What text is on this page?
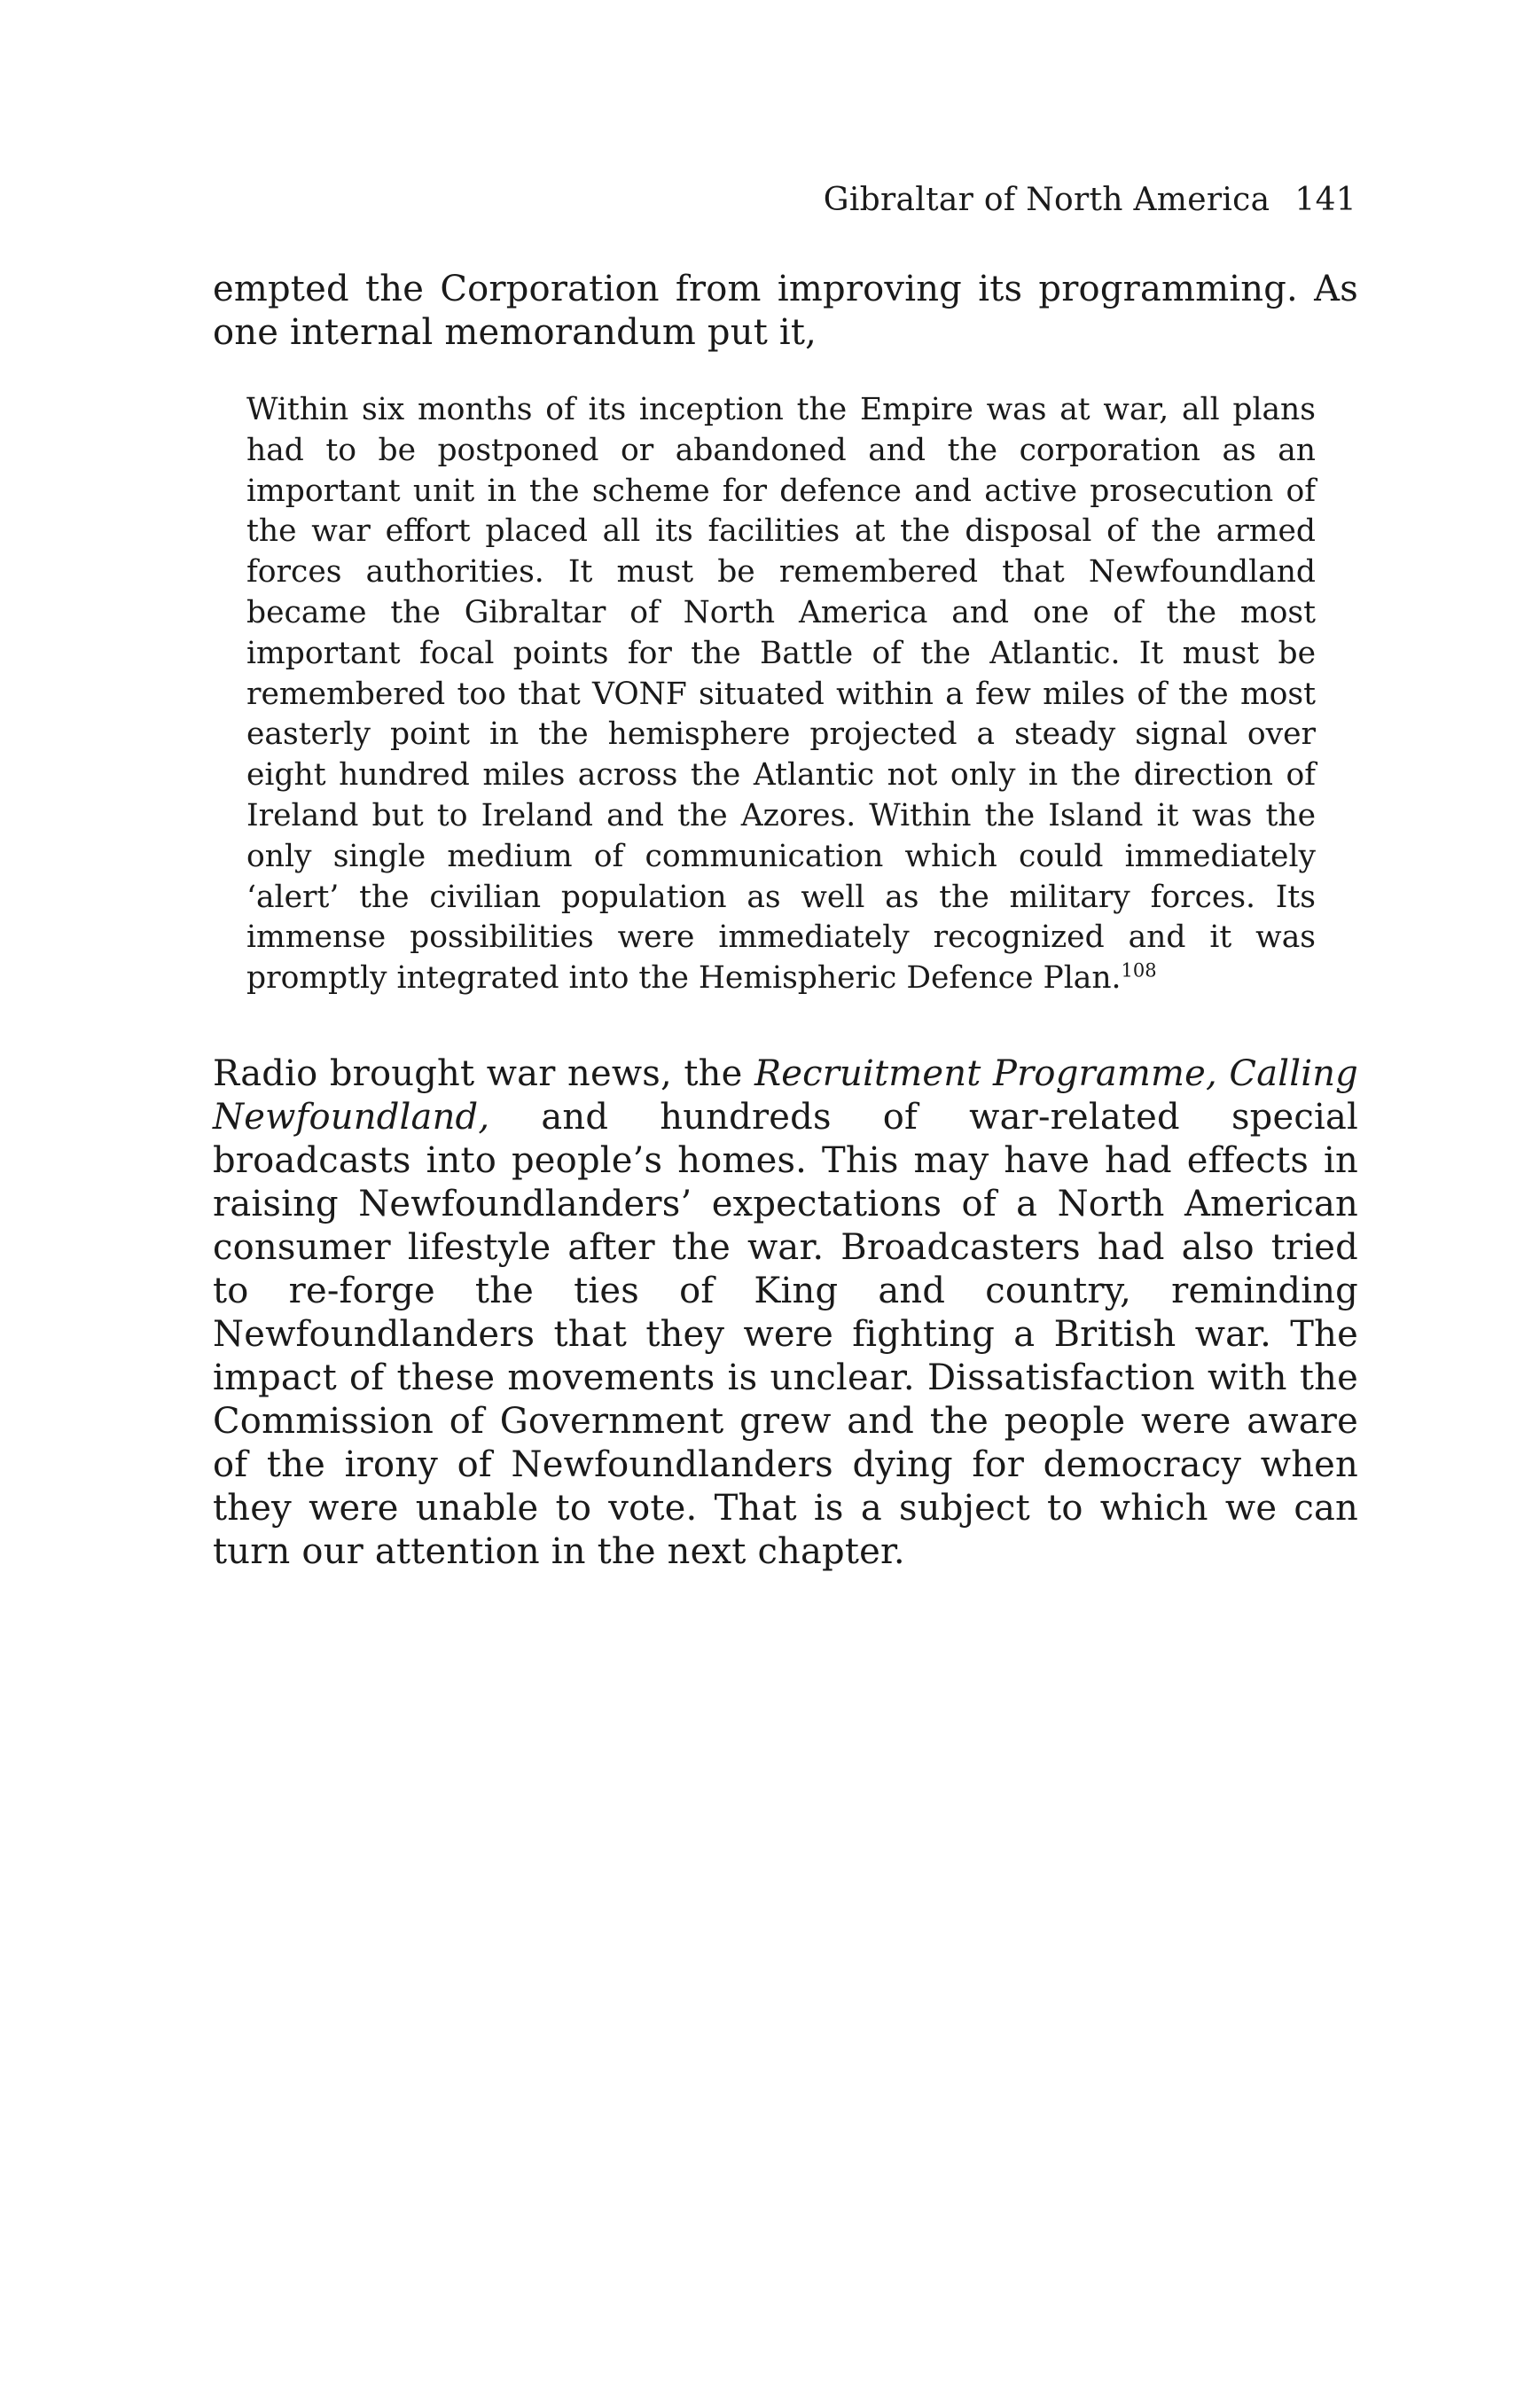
Gibraltar of North America 141

empted the Corporation from improving its programming. As one internal memorandum put it,

Within six months of its inception the Empire was at war, all plans had to be postponed or abandoned and the corporation as an important unit in the scheme for defence and active prosecution of the war effort placed all its facilities at the disposal of the armed forces authorities. It must be remembered that Newfoundland became the Gibraltar of North America and one of the most important focal points for the Battle of the Atlantic. It must be remembered too that VONF situated within a few miles of the most easterly point in the hemisphere projected a steady signal over eight hundred miles across the Atlantic not only in the direction of Ireland but to Ireland and the Azores. Within the Island it was the only single medium of communication which could immediately ‘alert’ the civilian population as well as the military forces. Its immense possibilities were immediately recognized and it was promptly integrated into the Hemispheric Defence Plan.$^{108}$

Radio brought war news, the Recruitment Programme, Calling Newfoundland, and hundreds of war-related special broadcasts into people’s homes. This may have had effects in raising Newfoundlanders’ expectations of a North American consumer lifestyle after the war. Broadcasters had also tried to re-forge the ties of King and country, reminding Newfoundlanders that they were fighting a British war. The impact of these movements is unclear. Dissatisfaction with the Commission of Government grew and the people were aware of the irony of Newfoundlanders dying for democracy when they were unable to vote. That is a subject to which we can turn our attention in the next chapter.
